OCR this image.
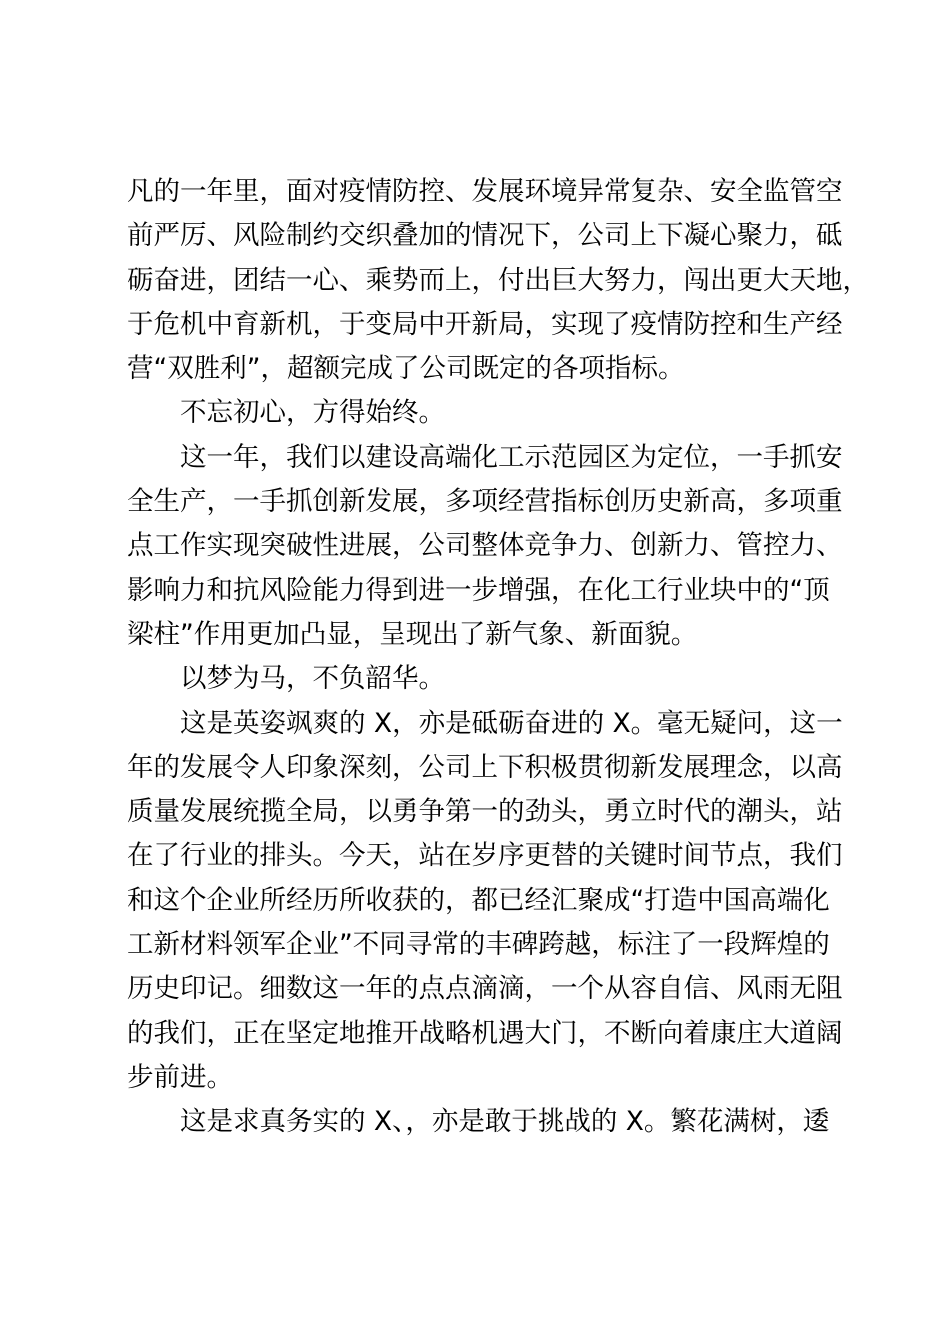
凡的一年里，面对疫情防控、发展环境异常复杂、安全监管空

前严厉、风险制约交织叠加的情况下，公司上下凝心聚力，砥

砺奋进，团结一心、乘势而上，付出巨大努力，闯出更大天地，

于危机中育新机，于变局中开新局，实现了疫情防控和生产经

营“双胜利”，超额完成了公司既定的各项指标。

不忘初心，方得始终。

这一年，我们以建设高端化工示范园区为定位，一手抓安

全生产，一手抓创新发展，多项经营指标创历史新高，多项重

点工作实现突破性进展，公司整体竞争力、创新力、管控力、

影响力和抗风险能力得到进一步增强，在化工行业块中的“顶

梁柱”作用更加凸显，呈现出了新气象、新面貌。

以梦为马，不负韶华。

这是英姿飒爽的 X，亦是砥砺奋进的 X。毫无疑问，这一

年的发展令人印象深刻，公司上下积极贯彻新发展理念，以高

质量发展统揽全局，以勇争第一的劲头，勇立时代的潮头，站

在了行业的排头。今天，站在岁序更替的关键时间节点，我们

和这个企业所经历所收获的，都已经汇聚成“打造中国高端化

工新材料领军企业”不同寻常的丰碑跨越，标注了一段辉煌的

历史印记。细数这一年的点点滴滴，一个从容自信、风雨无阻

的我们，正在坚定地推开战略机遇大门，不断向着康庄大道阔

步前进。

这是求真务实的 X、，亦是敢于挑战的 X。繁花满树，逶
